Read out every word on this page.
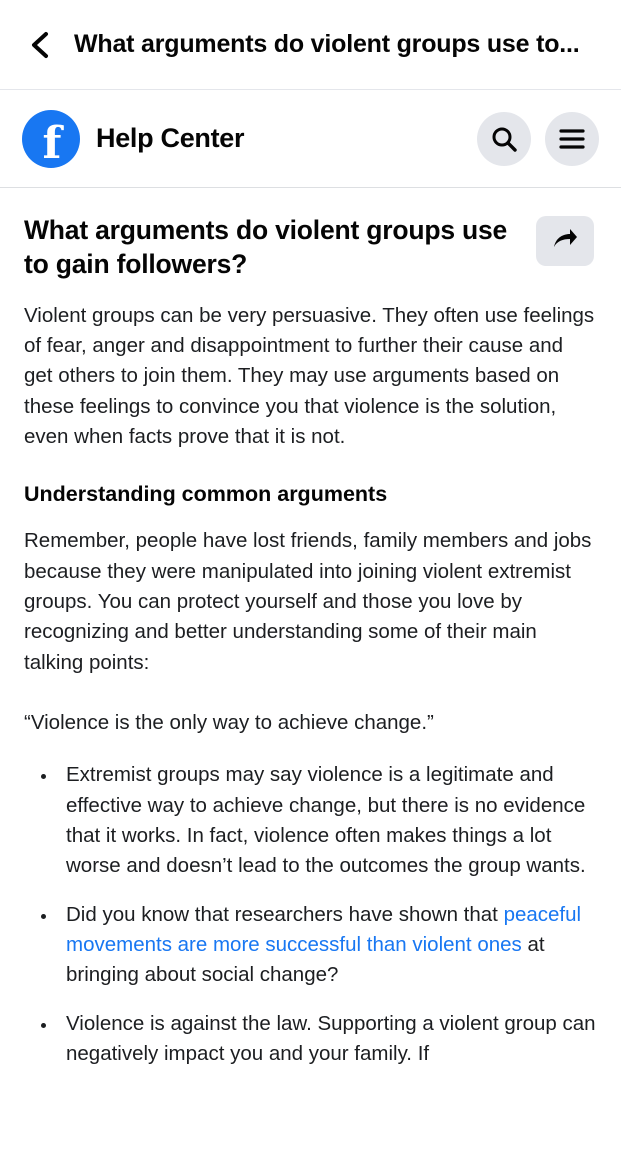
What arguments do violent groups use to...
f Help Center
What arguments do violent groups use to gain followers?

Violent groups can be very persuasive. They often use feelings of fear, anger and disappointment to further their cause and get others to join them. They may use arguments based on these feelings to convince you that violence is the solution, even when facts prove that it is not.

Understanding common arguments

Remember, people have lost friends, family members and jobs because they were manipulated into joining violent extremist groups. You can protect yourself and those you love by recognizing and better understanding some of their main talking points:

“Violence is the only way to achieve change.”

• Extremist groups may say violence is a legitimate and effective way to achieve change, but there is no evidence that it works. In fact, violence often makes things a lot worse and doesn’t lead to the outcomes the group wants.
• Did you know that researchers have shown that peaceful movements are more successful than violent ones at bringing about social change?
• Violence is against the law. Supporting a violent group can negatively impact you and your family. If
